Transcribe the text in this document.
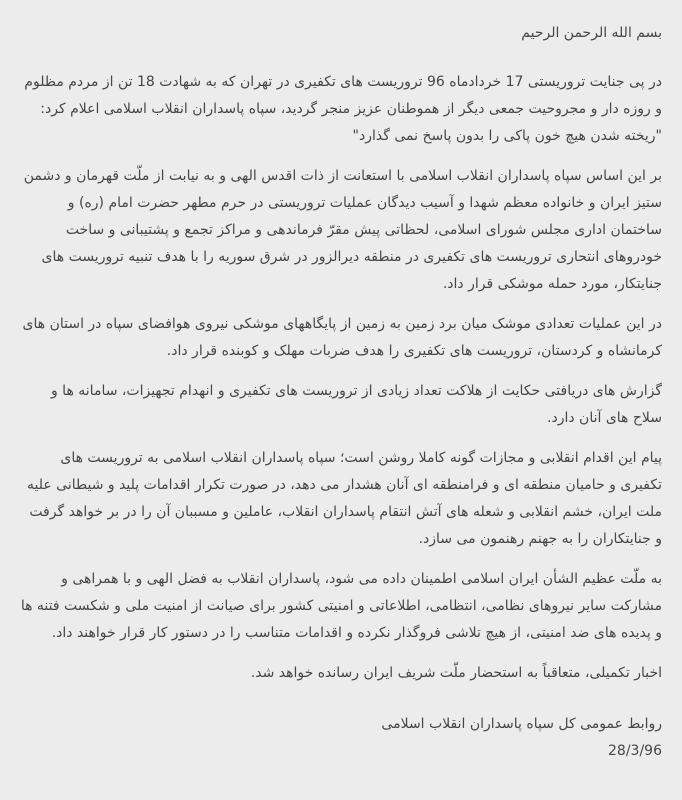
بسم الله الرحمن الرحیم
در پی جنایت تروریستی 17 خردادماه 96 تروریست های تکفیری در تهران که به شهادت 18 تن از مردم مظلوم و روزه دار و مجروحیت جمعی دیگر از هموطنان عزیز منجر گردید، سپاه پاسداران انقلاب اسلامی اعلام کرد: "ریخته شدن هیچ خون پاکی را بدون پاسخ نمی گذارد"
بر این اساس سپاه پاسداران انقلاب اسلامی با استعانت از ذات اقدس الهی و به نیابت از ملّت قهرمان و دشمن ستیز ایران و خانواده معظم شهدا و آسیب دیدگان عملیات تروریستی در حرم مطهر حضرت امام (ره) و ساختمان اداری مجلس شورای اسلامی، لحظاتی پیش مقرّ فرماندهی و مراکز تجمع و پشتیبانی و ساخت خودروهای انتحاری تروریست های تکفیری در منطقه دیرالزور در شرق سوریه را با هدف تنبیه تروریست های جنایتکار، مورد حمله موشکی قرار داد.
در این عملیات تعدادی موشک میان برد زمین به زمین از پایگاههای موشکی نیروی هوافضای سپاه در استان های کرمانشاه و کردستان، تروریست های تکفیری را هدف ضربات مهلک و کوبنده قرار داد.
گزارش های دریافتی حکایت از هلاکت تعداد زیادی از تروریست های تکفیری و انهدام تجهیزات، سامانه ها و سلاح های آنان دارد.
پیام این اقدام انقلابی و مجازات گونه کاملا روشن است؛ سپاه پاسداران انقلاب اسلامی به تروریست های تکفیری و حامیان منطقه ای و فرامنطقه ای آنان هشدار می دهد، در صورت تکرار اقدامات پلید و شیطانی علیه ملت ایران، خشم انقلابی و شعله های آتش انتقام پاسداران انقلاب، عاملین و مسببان آن را در بر خواهد گرفت و جنایتکاران را به جهنم رهنمون می سازد.
به ملّت عظیم الشأن ایران اسلامی اطمینان داده می شود، پاسداران انقلاب به فضل الهی و با همراهی و مشارکت سایر نیروهای نظامی، انتظامی، اطلاعاتی و امنیتی کشور برای صیانت از امنیت ملی و شکست فتنه ها و پدیده های ضد امنیتی، از هیچ تلاشی فروگذار نکرده و اقدامات متناسب را در دستور کار قرار خواهند داد.
اخبار تکمیلی، متعاقباً به استحضار ملّت شریف ایران رسانده خواهد شد.
روابط عمومی کل سپاه پاسداران انقلاب اسلامی
28/3/96
